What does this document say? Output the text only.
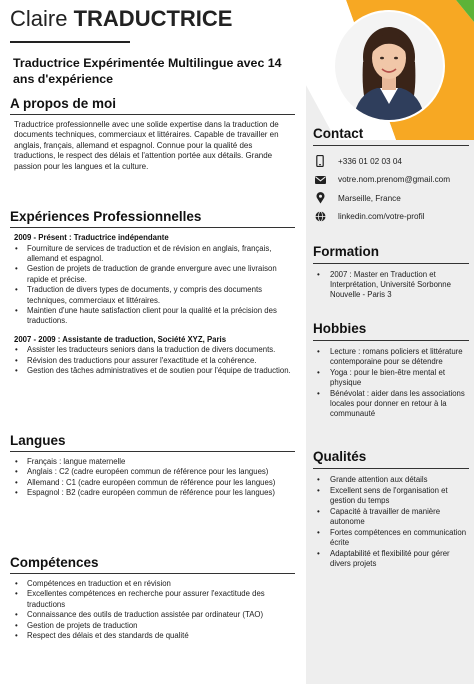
Claire TRADUCTRICE
Traductrice Expérimentée Multilingue avec 14 ans d'expérience
A propos de moi
Traductrice professionnelle avec une solide expertise dans la traduction de documents techniques, commerciaux et littéraires. Capable de travailler en anglais, français, allemand et espagnol. Connue pour la qualité des traductions, le respect des délais et l'attention portée aux détails. Grande passion pour les langues et la culture.
Expériences Professionnelles
2009 - Présent : Traductrice indépendante
• Fourniture de services de traduction et de révision en anglais, français, allemand et espagnol.
• Gestion de projets de traduction de grande envergure avec une livraison rapide et précise.
• Traduction de divers types de documents, y compris des documents techniques, commerciaux et littéraires.
• Maintien d'une haute satisfaction client pour la qualité et la précision des traductions.
2007 - 2009 : Assistante de traduction, Société XYZ, Paris
• Assister les traducteurs seniors dans la traduction de divers documents.
• Révision des traductions pour assurer l'exactitude et la cohérence.
• Gestion des tâches administratives et de soutien pour l'équipe de traduction.
Langues
• Français : langue maternelle
• Anglais : C2 (cadre européen commun de référence pour les langues)
• Allemand : C1 (cadre européen commun de référence pour les langues)
• Espagnol : B2 (cadre européen commun de référence pour les langues)
Compétences
• Compétences en traduction et en révision
• Excellentes compétences en recherche pour assurer l'exactitude des traductions
• Connaissance des outils de traduction assistée par ordinateur (TAO)
• Gestion de projets de traduction
• Respect des délais et des standards de qualité
Contact
+336 01 02 03 04
votre.nom.prenom@gmail.com
Marseille, France
linkedin.com/votre-profil
Formation
• 2007 : Master en Traduction et Interprétation, Université Sorbonne Nouvelle - Paris 3
Hobbies
• Lecture : romans policiers et littérature contemporaine pour se détendre
• Yoga : pour le bien-être mental et physique
• Bénévolat : aider dans les associations locales pour donner en retour à la communauté
Qualités
• Grande attention aux détails
• Excellent sens de l'organisation et gestion du temps
• Capacité à travailler de manière autonome
• Fortes compétences en communication écrite
• Adaptabilité et flexibilité pour gérer divers projets
